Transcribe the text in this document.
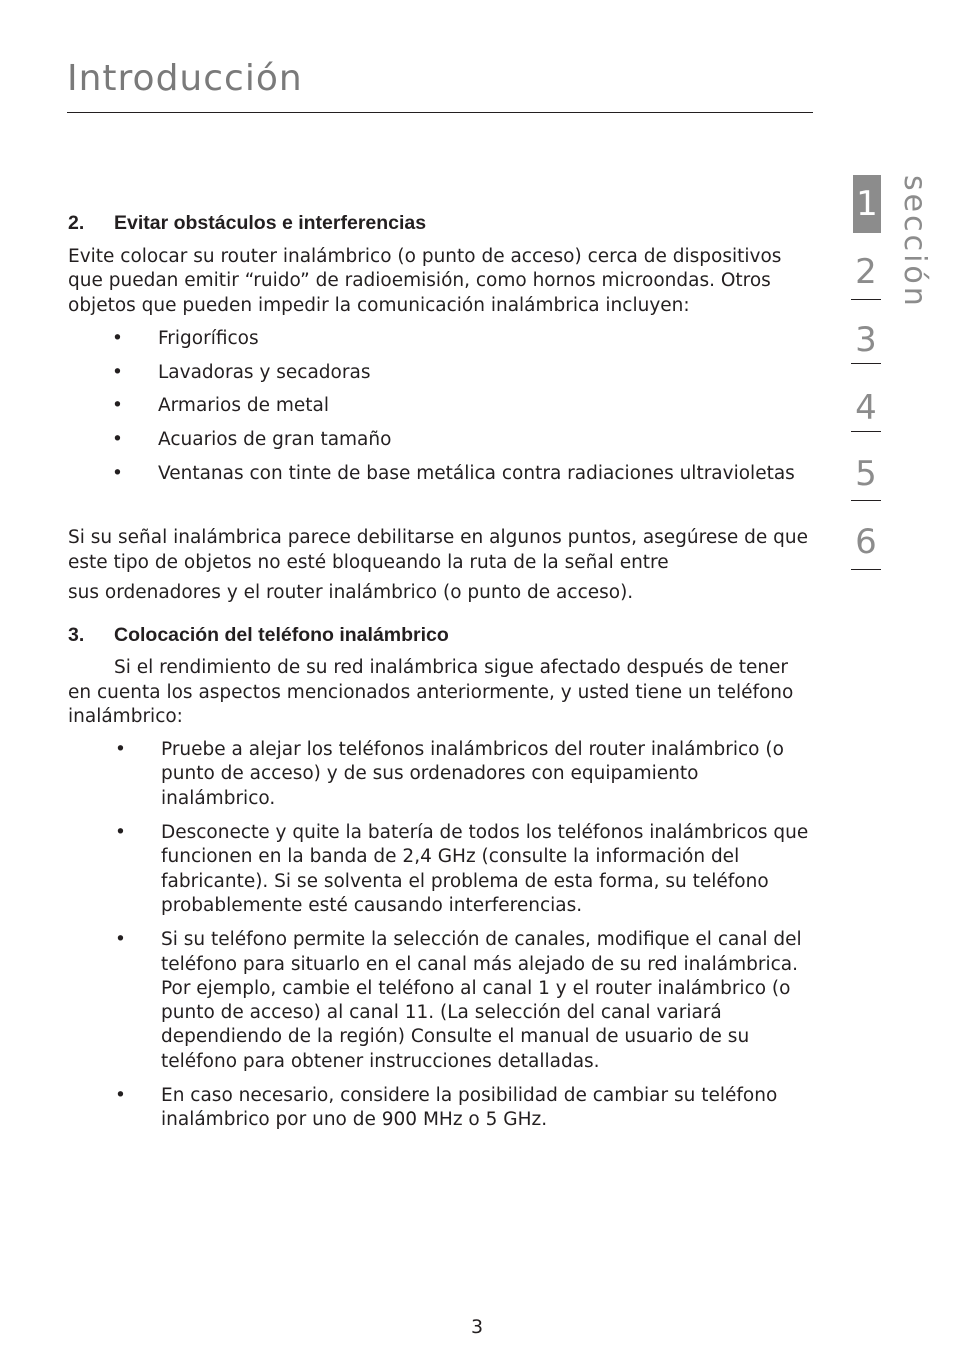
Introducción
1
2
3
4
5
6
sección
2.	Evitar obstáculos e interferencias

Evite colocar su router inalámbrico (o punto de acceso) cerca de dispositivos que puedan emitir “ruido” de radioemisión, como hornos microondas. Otros objetos que pueden impedir la comunicación inalámbrica incluyen:

•	Frigoríficos
•	Lavadoras y secadoras
•	Armarios de metal
•	Acuarios de gran tamaño
•	Ventanas con tinte de base metálica contra radiaciones ultravioletas

Si su señal inalámbrica parece debilitarse en algunos puntos, asegúrese de que este tipo de objetos no esté bloqueando la ruta de la señal entre

sus ordenadores y el router inalámbrico (o punto de acceso).

3.	Colocación del teléfono inalámbrico

Si el rendimiento de su red inalámbrica sigue afectado después de tener en cuenta los aspectos mencionados anteriormente, y usted tiene un teléfono inalámbrico:

•	Pruebe a alejar los teléfonos inalámbricos del router inalámbrico (o punto de acceso) y de sus ordenadores con equipamiento inalámbrico.
•	Desconecte y quite la batería de todos los teléfonos inalámbricos que funcionen en la banda de 2,4 GHz (consulte la información del fabricante). Si se solventa el problema de esta forma, su teléfono probablemente esté causando interferencias.
•	Si su teléfono permite la selección de canales, modifique el canal del teléfono para situarlo en el canal más alejado de su red inalámbrica. Por ejemplo, cambie el teléfono al canal 1 y el router inalámbrico (o punto de acceso) al canal 11. (La selección del canal variará dependiendo de la región) Consulte el manual de usuario de su teléfono para obtener instrucciones detalladas.
•	En caso necesario, considere la posibilidad de cambiar su teléfono inalámbrico por uno de 900 MHz o 5 GHz.
3
